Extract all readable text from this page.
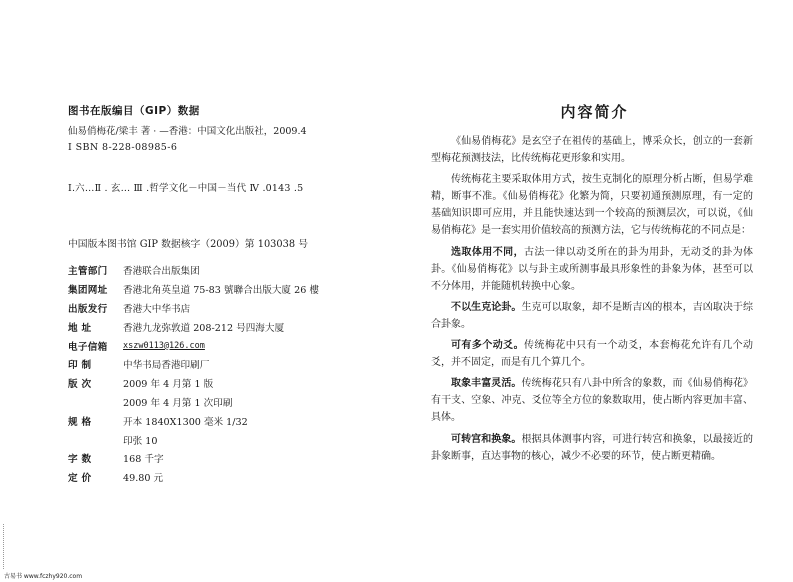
图书在版编目（GIP）数据
仙易俏梅花/梁丰 著 · —香港：中国文化出版社，2009.4
I SBN 8-228-08985-6
Ⅰ.六…Ⅱ . 玄… Ⅲ .哲学文化－中国－当代 Ⅳ .0143 .5
中国版本图书馆 GIP 数据核字（2009）第 103038 号
主管部门	香港联合出版集团
集团网址	香港北角英皇道 75-83 號聯合出版大廈 26 樓
出版发行	香港大中华书店
地 址	香港九龙弥敦道 208-212 号四海大厦
电子信箱	xszw0113@126.com
印 制	中华书局香港印刷厂
版 次	2009 年 4 月第 1 版
2009 年 4 月第 1 次印刷
规 格	开本 1840X1300 毫米 1/32
印张 10
字 数	168 千字
定 价	49.80 元
古易书 www.fczhy920.com
内容简介

《仙易俏梅花》是玄空子在祖传的基础上，博采众长，创立的一套新型梅花预测技法，比传统梅花更形象和实用。

传统梅花主要采取体用方式，按生克制化的原理分析占断，但易学难精，断事不准。《仙易俏梅花》化繁为简，只要初通预测原理，有一定的基础知识即可应用，并且能快速达到一个较高的预测层次，可以说，《仙易俏梅花》是一套实用价值较高的预测方法，它与传统梅花的不同点是：

选取体用不同，古法一律以动爻所在的卦为用卦，无动爻的卦为体卦。《仙易俏梅花》以与卦主或所测事最具形象性的卦象为体，甚至可以不分体用，并能随机转换中心象。

不以生克论卦。生克可以取象，却不是断吉凶的根本，吉凶取决于综合卦象。

可有多个动爻。传统梅花中只有一个动爻，本套梅花允许有几个动爻，并不固定，而是有几个算几个。

取象丰富灵活。传统梅花只有八卦中所含的象数，而《仙易俏梅花》有干支、空象、冲克、爻位等全方位的象数取用，使占断内容更加丰富、具体。

可转宫和换象。根据具体测事内容，可进行转宫和换象，以最接近的卦象断事，直达事物的核心，减少不必要的环节，使占断更精确。
